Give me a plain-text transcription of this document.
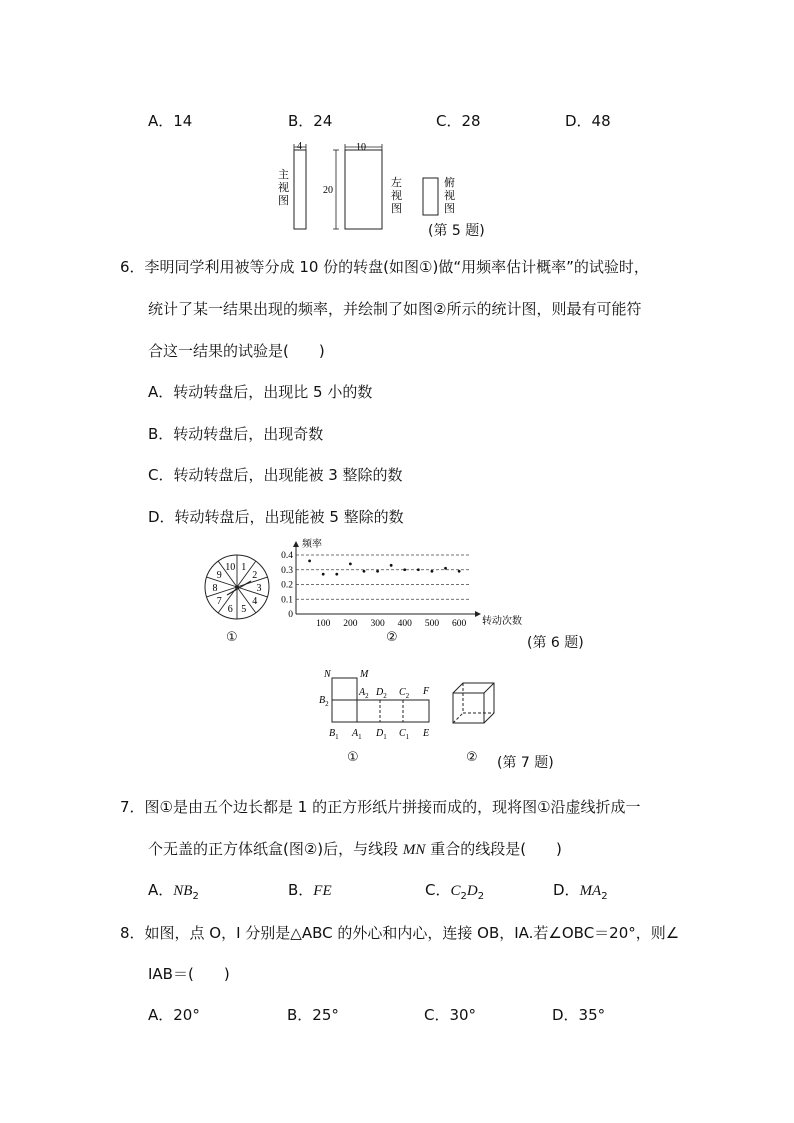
A．14	B．24	C．28	D．48
4
主视图
10
20
左视图
俯视图
(第 5 题)
6．李明同学利用被等分成 10 份的转盘(如图①)做“用频率估计概率”的试验时，
统计了某一结果出现的频率，并绘制了如图②所示的统计图，则最有可能符
合这一结果的试验是(　　)
A．转动转盘后，出现比 5 小的数
B．转动转盘后，出现奇数
C．转动转盘后，出现能被 3 整除的数
D．转动转盘后，出现能被 5 整除的数
1
2
3
4
5
6
7
8
9
10
①
频率
转动次数
0
0.1
0.2
0.3
0.4
100 200 300 400 500 600
②	(第 6 题)
N	M
$B_2$
$A_2$ $D_2$ $C_2$ F
$B_1$ $A_1$ $D_1$ $C_1$ E
①	② (第 7 题)
7．图①是由五个边长都是 1 的正方形纸片拼接而成的，现将图①沿虚线折成一
个无盖的正方体纸盒(图②)后，与线段 MN 重合的线段是(　　)
A．$NB_2$	B．FE	C．$C_2D_2$	D．$MA_2$
8．如图，点 O，I 分别是△ABC 的外心和内心，连接 OB，IA.若∠OBC＝20°，则∠
IAB＝(　　)
A．20°	B．25°	C．30°	D．35°
